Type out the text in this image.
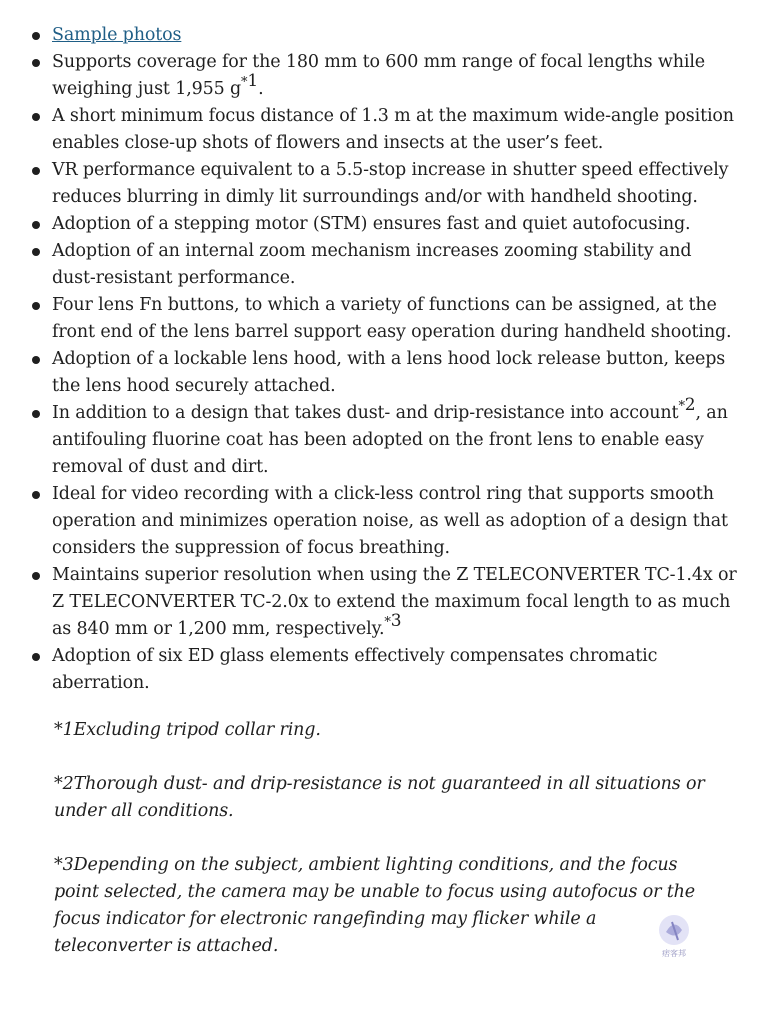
Sample photos
Supports coverage for the 180 mm to 600 mm range of focal lengths while weighing just 1,955 $g^{*1}$.
A short minimum focus distance of 1.3 m at the maximum wide-angle position enables close-up shots of flowers and insects at the user’s feet.
VR performance equivalent to a 5.5-stop increase in shutter speed effectively reduces blurring in dimly lit surroundings and/or with handheld shooting.
Adoption of a stepping motor (STM) ensures fast and quiet autofocusing.
Adoption of an internal zoom mechanism increases zooming stability and dust-resistant performance.
Four lens Fn buttons, to which a variety of functions can be assigned, at the front end of the lens barrel support easy operation during handheld shooting.
Adoption of a lockable lens hood, with a lens hood lock release button, keeps the lens hood securely attached.
In addition to a design that takes dust- and drip-resistance into account$^{*2}$, an antifouling fluorine coat has been adopted on the front lens to enable easy removal of dust and dirt.
Ideal for video recording with a click-less control ring that supports smooth operation and minimizes operation noise, as well as adoption of a design that considers the suppression of focus breathing.
Maintains superior resolution when using the Z TELECONVERTER TC-1.4x or Z TELECONVERTER TC-2.0x to extend the maximum focal length to as much as 840 mm or 1,200 mm, respectively.$^{*3}$
Adoption of six ED glass elements effectively compensates chromatic aberration.

*1Excluding tripod collar ring.

*2Thorough dust- and drip-resistance is not guaranteed in all situations or under all conditions.

*3Depending on the subject, ambient lighting conditions, and the focus point selected, the camera may be unable to focus using autofocus or the focus indicator for electronic rangefinding may flicker while a teleconverter is attached.	痞客邦
